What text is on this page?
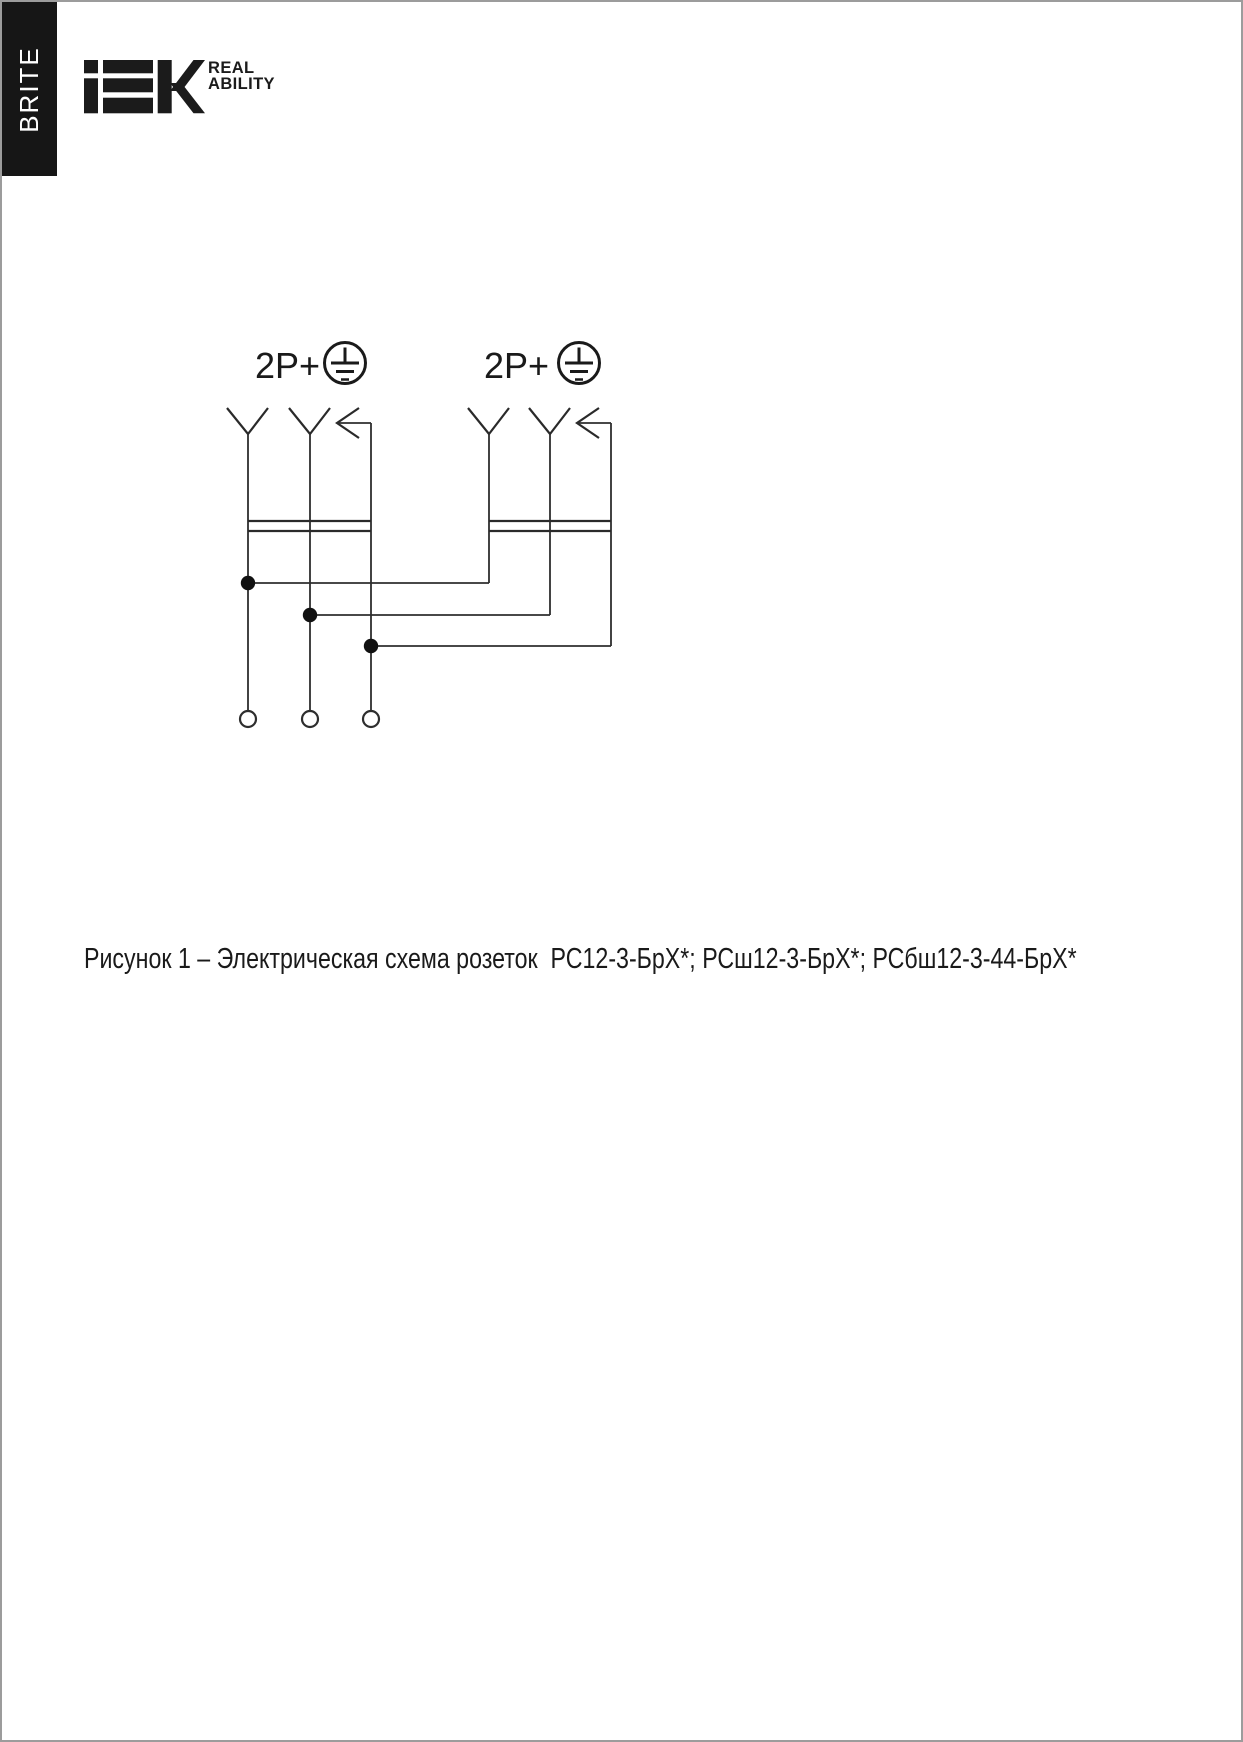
BRITE	REAL
ABILITY
2P+	2P+
Рисунок 1 – Электрическая схема розеток  РС12-3-БрХ*; РСш12-3-БрХ*; РСбш12-3-44-БрХ*
